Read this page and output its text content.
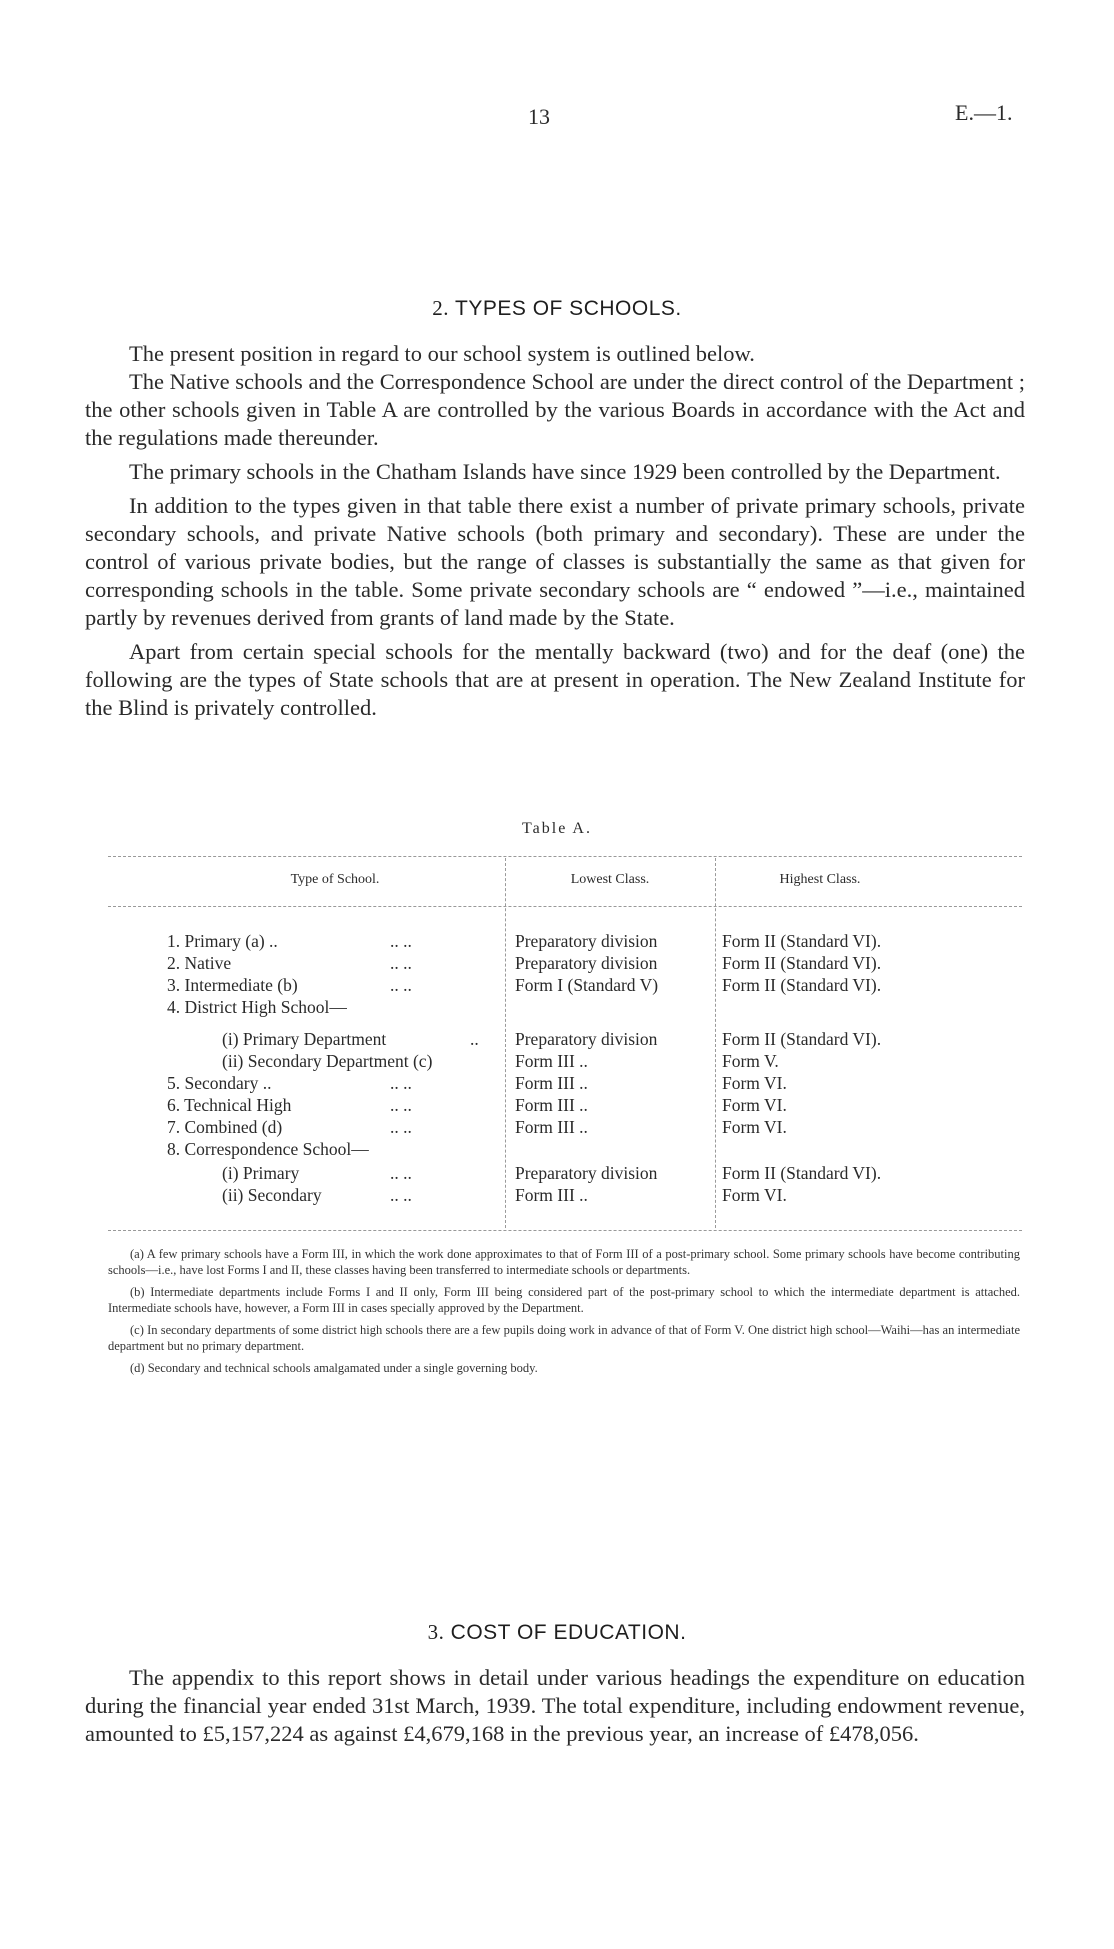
13	E.—1.
2. TYPES OF SCHOOLS.

The present position in regard to our school system is outlined below.

The Native schools and the Correspondence School are under the direct control of the Department ; the other schools given in Table A are controlled by the various Boards in accordance with the Act and the regulations made thereunder.

The primary schools in the Chatham Islands have since 1929 been controlled by the Department.

In addition to the types given in that table there exist a number of private primary schools, private secondary schools, and private Native schools (both primary and secondary). These are under the control of various private bodies, but the range of classes is substantially the same as that given for corresponding schools in the table. Some private secondary schools are “ endowed ”—i.e., maintained partly by revenues derived from grants of land made by the State.

Apart from certain special schools for the mentally backward (two) and for the deaf (one) the following are the types of State schools that are at present in operation. The New Zealand Institute for the Blind is privately controlled.

Table A.
Type of School.	Lowest Class.	Highest Class.
1. Primary (a) ..	.. ..	Preparatory division	Form II (Standard VI).
2. Native	.. ..	Preparatory division	Form II (Standard VI).
3. Intermediate (b)	.. ..	Form I (Standard V)	Form II (Standard VI).
4. District High School—
(i) Primary Department	.. Preparatory division	Form II (Standard VI).
(ii) Secondary Department (c)	Form III ..	Form V.
5. Secondary ..	.. ..	Form III ..	Form VI.
6. Technical High	.. ..	Form III ..	Form VI.
7. Combined (d)	.. ..	Form III ..	Form VI.
8. Correspondence School—
(i) Primary	.. ..	Preparatory division	Form II (Standard VI).
(ii) Secondary	.. ..	Form III ..	Form VI.

(a) A few primary schools have a Form III, in which the work done approximates to that of Form III of a post-primary school. Some primary schools have become contributing schools—i.e., have lost Forms I and II, these classes having been transferred to intermediate schools or departments.

(b) Intermediate departments include Forms I and II only, Form III being considered part of the post-primary school to which the intermediate department is attached. Intermediate schools have, however, a Form III in cases specially approved by the Department.

(c) In secondary departments of some district high schools there are a few pupils doing work in advance of that of Form V. One district high school—Waihi—has an intermediate department but no primary department.

(d) Secondary and technical schools amalgamated under a single governing body.

3. COST OF EDUCATION.

The appendix to this report shows in detail under various headings the expenditure on education during the financial year ended 31st March, 1939. The total expenditure, including endowment revenue, amounted to £5,157,224 as against £4,679,168 in the previous year, an increase of £478,056.
